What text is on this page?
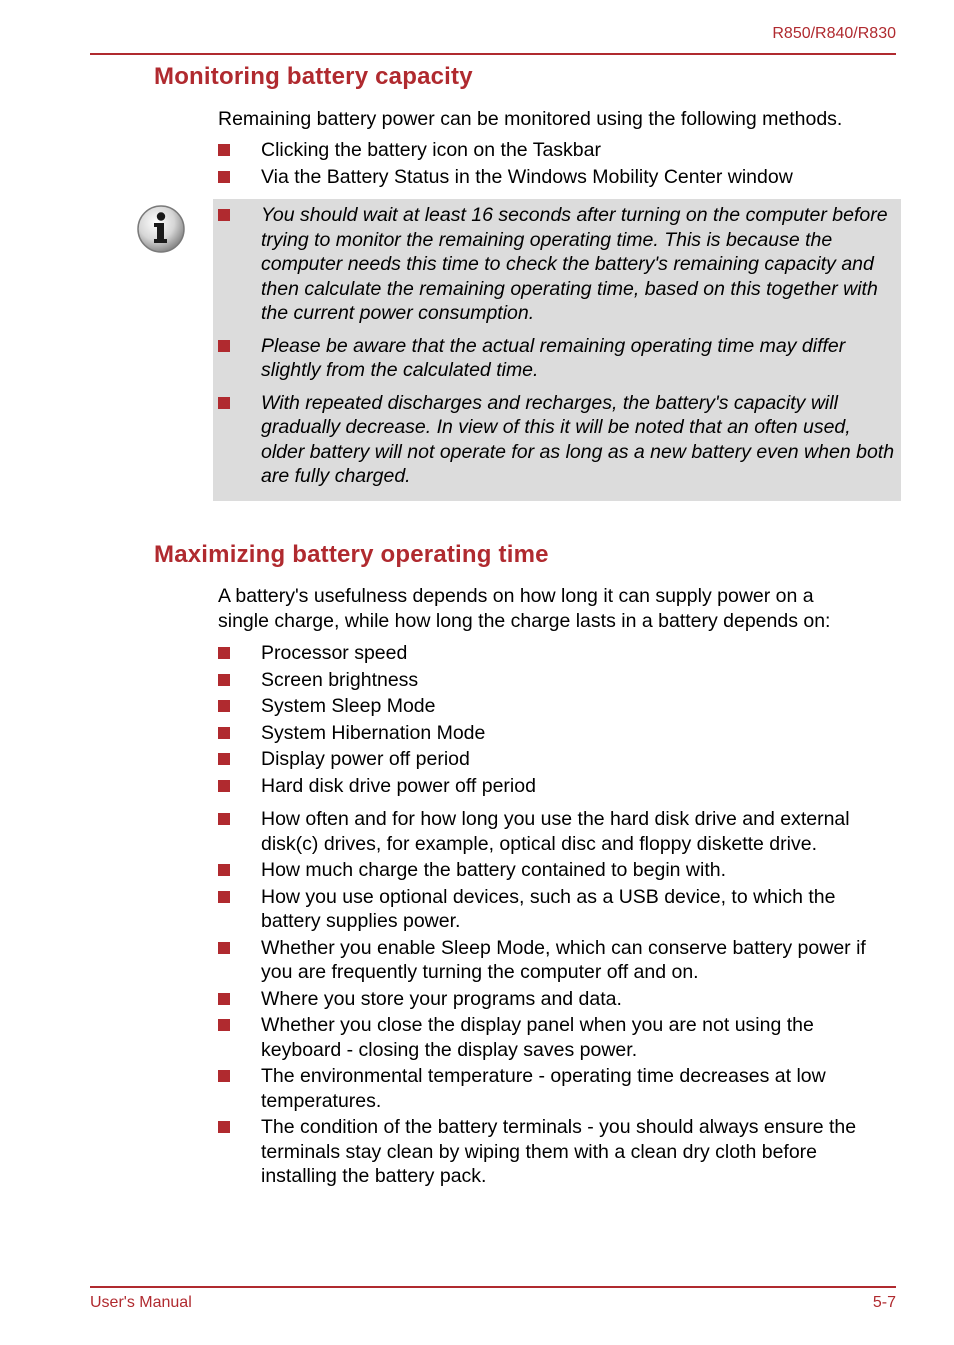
R850/R840/R830
Monitoring battery capacity

Remaining battery power can be monitored using the following methods.

Clicking the battery icon on the Taskbar
Via the Battery Status in the Windows Mobility Center window
You should wait at least 16 seconds after turning on the computer before trying to monitor the remaining operating time. This is because the computer needs this time to check the battery's remaining capacity and then calculate the remaining operating time, based on this together with the current power consumption.
Please be aware that the actual remaining operating time may differ slightly from the calculated time.
With repeated discharges and recharges, the battery's capacity will gradually decrease. In view of this it will be noted that an often used, older battery will not operate for as long as a new battery even when both are fully charged.
Maximizing battery operating time

A battery's usefulness depends on how long it can supply power on a single charge, while how long the charge lasts in a battery depends on:

Processor speed
Screen brightness
System Sleep Mode
System Hibernation Mode
Display power off period
Hard disk drive power off period
How often and for how long you use the hard disk drive and external disk(c) drives, for example, optical disc and floppy diskette drive.
How much charge the battery contained to begin with.
How you use optional devices, such as a USB device, to which the battery supplies power.
Whether you enable Sleep Mode, which can conserve battery power if you are frequently turning the computer off and on.
Where you store your programs and data.
Whether you close the display panel when you are not using the keyboard - closing the display saves power.
The environmental temperature - operating time decreases at low temperatures.
The condition of the battery terminals - you should always ensure the terminals stay clean by wiping them with a clean dry cloth before installing the battery pack.
User's Manual	5-7
